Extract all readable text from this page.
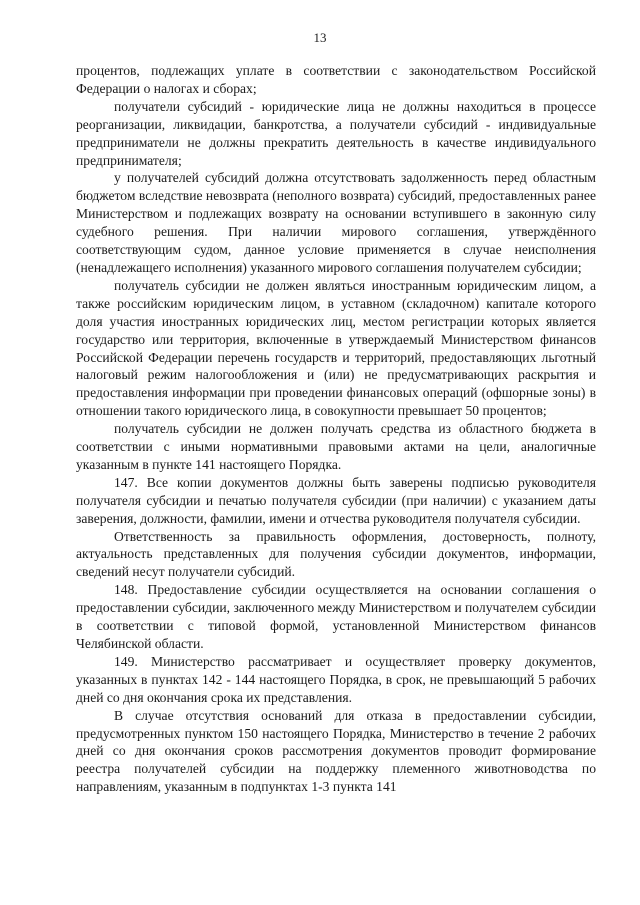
13

процентов, подлежащих уплате в соответствии с законодательством Российской Федерации о налогах и сборах;

получатели субсидий - юридические лица не должны находиться в процессе реорганизации, ликвидации, банкротства, а получатели субсидий - индивидуальные предприниматели не должны прекратить деятельность в качестве индивидуального предпринимателя;

у получателей субсидий должна отсутствовать задолженность перед областным бюджетом вследствие невозврата (неполного возврата) субсидий, предоставленных ранее Министерством и подлежащих возврату на основании вступившего в законную силу судебного решения. При наличии мирового соглашения, утверждённого соответствующим судом, данное условие применяется в случае неисполнения (ненадлежащего исполнения) указанного мирового соглашения получателем субсидии;

получатель субсидии не должен являться иностранным юридическим лицом, а также российским юридическим лицом, в уставном (складочном) капитале которого доля участия иностранных юридических лиц, местом регистрации которых является государство или территория, включенные в утверждаемый Министерством финансов Российской Федерации перечень государств и территорий, предоставляющих льготный налоговый режим налогообложения и (или) не предусматривающих раскрытия и предоставления информации при проведении финансовых операций (офшорные зоны) в отношении такого юридического лица, в совокупности превышает 50 процентов;

получатель субсидии не должен получать средства из областного бюджета в соответствии с иными нормативными правовыми актами на цели, аналогичные указанным в пункте 141 настоящего Порядка.

147. Все копии документов должны быть заверены подписью руководителя получателя субсидии и печатью получателя субсидии (при наличии) с указанием даты заверения, должности, фамилии, имени и отчества руководителя получателя субсидии.

Ответственность за правильность оформления, достоверность, полноту, актуальность представленных для получения субсидии документов, информации, сведений несут получатели субсидий.

148. Предоставление субсидии осуществляется на основании соглашения о предоставлении субсидии, заключенного между Министерством и получателем субсидии в соответствии с типовой формой, установленной Министерством финансов Челябинской области.

149. Министерство рассматривает и осуществляет проверку документов, указанных в пунктах 142 - 144 настоящего Порядка, в срок, не превышающий 5 рабочих дней со дня окончания срока их представления.

В случае отсутствия оснований для отказа в предоставлении субсидии, предусмотренных пунктом 150 настоящего Порядка, Министерство в течение 2 рабочих дней со дня окончания сроков рассмотрения документов проводит формирование реестра получателей субсидии на поддержку племенного животноводства по направлениям, указанным в подпунктах 1-3 пункта 141
